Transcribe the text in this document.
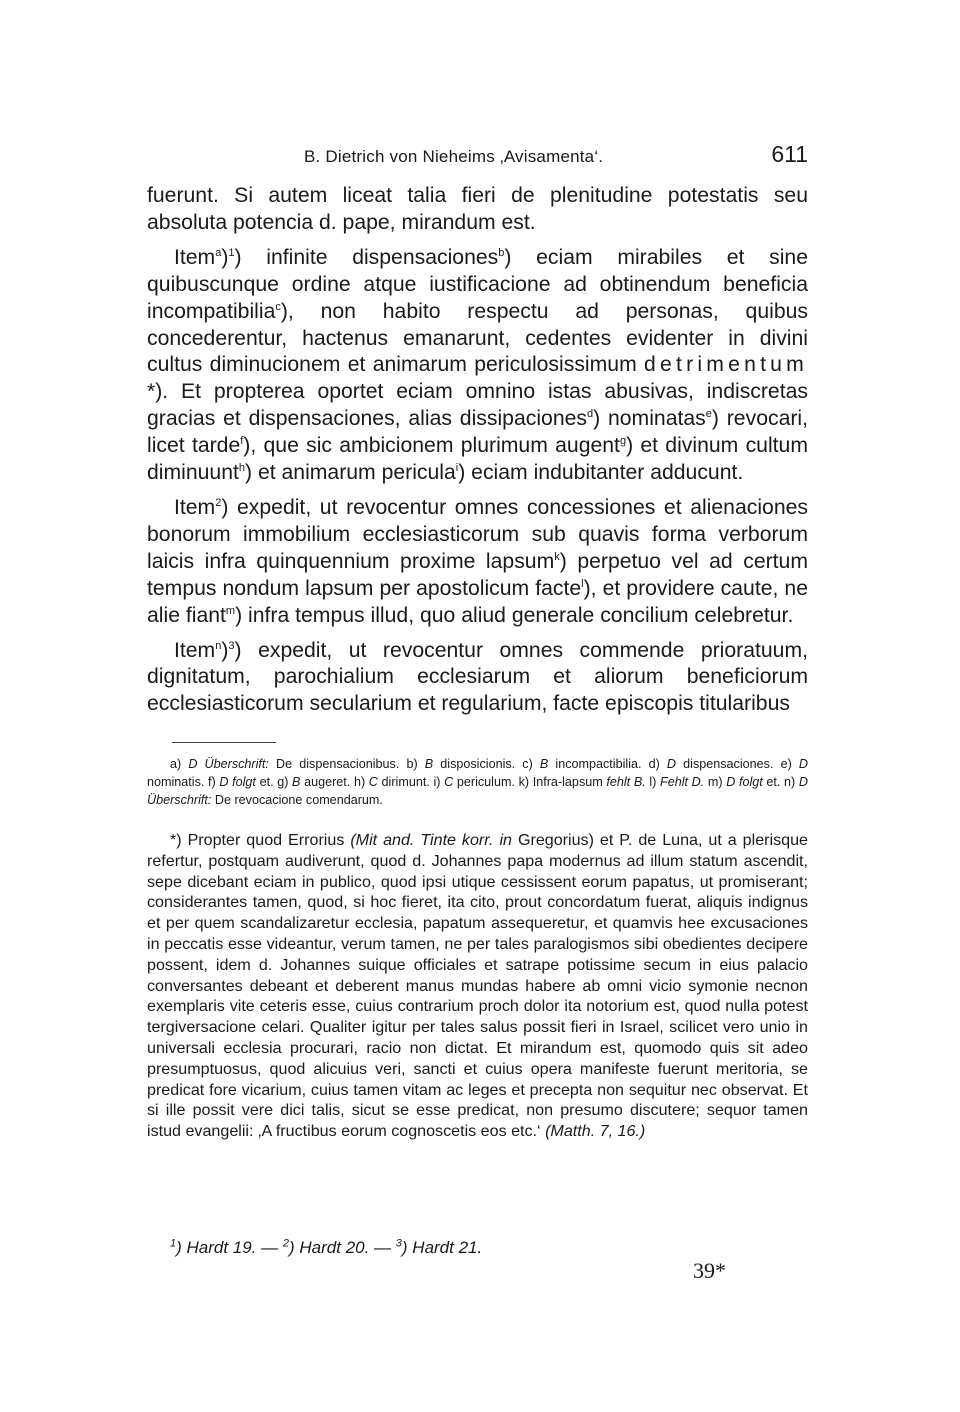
B. Dietrich von Nieheims ‚Avisamenta‘.	611

fuerunt. Si autem liceat talia fieri de plenitudine potestatis seu absoluta potencia d. pape, mirandum est.

Item$^a$)$^1$) infinite dispensaciones$^b$) eciam mirabiles et sine quibuscunque ordine atque iustificacione ad obtinendum beneficia incompatibilia$^c$), non habito respectu ad personas, quibus concederentur, hactenus emanarunt, cedentes evidenter in divini cultus diminucionem et animarum periculosissimum detrimentum *). Et propterea oportet eciam omnino istas abusivas, indiscretas gracias et dispensaciones, alias dissipaciones$^d$) nominatas$^e$) revocari, licet tarde$^f$), que sic ambicionem plurimum augent$^g$) et divinum cultum diminuunt$^h$) et animarum pericula$^i$) eciam indubitanter adducunt.

Item$^2$) expedit, ut revocentur omnes concessiones et alienaciones bonorum immobilium ecclesiasticorum sub quavis forma verborum laicis infra quinquennium proxime lapsum$^k$) perpetuo vel ad certum tempus nondum lapsum per apostolicum facte$^l$), et providere caute, ne alie fiant$^m$) infra tempus illud, quo aliud generale concilium celebretur.

Item$^n$)$^3$) expedit, ut revocentur omnes commende prioratuum, dignitatum, parochialium ecclesiarum et aliorum beneficiorum ecclesiasticorum secularium et regularium, facte episcopis titularibus

a) D Überschrift: De dispensacionibus. b) B disposicionis. c) B incompactibilia. d) D dispensaciones. e) D nominatis. f) D folgt et. g) B augeret. h) C dirimunt. i) C periculum. k) Infra-lapsum fehlt B. l) Fehlt D. m) D folgt et. n) D Überschrift: De revocacione comendarum.

*) Propter quod Errorius (Mit and. Tinte korr. in Gregorius) et P. de Luna, ut a plerisque refertur, postquam audiverunt, quod d. Johannes papa modernus ad illum statum ascendit, sepe dicebant eciam in publico, quod ipsi utique cessissent eorum papatus, ut promiserant; considerantes tamen, quod, si hoc fieret, ita cito, prout concordatum fuerat, aliquis indignus et per quem scandalizaretur ecclesia, papatum assequeretur, et quamvis hee excusaciones in peccatis esse videantur, verum tamen, ne per tales paralogismos sibi obedientes decipere possent, idem d. Johannes suique officiales et satrape potissime secum in eius palacio conversantes debeant et deberent manus mundas habere ab omni vicio symonie necnon exemplaris vite ceteris esse, cuius contrarium proch dolor ita notorium est, quod nulla potest tergiversacione celari. Qualiter igitur per tales salus possit fieri in Israel, scilicet vero unio in universali ecclesia procurari, racio non dictat. Et mirandum est, quomodo quis sit adeo presumptuosus, quod alicuius veri, sancti et cuius opera manifeste fuerunt meritoria, se predicat fore vicarium, cuius tamen vitam ac leges et precepta non sequitur nec observat. Et si ille possit vere dici talis, sicut se esse predicat, non presumo discutere; sequor tamen istud evangelii: ‚A fructibus eorum cognoscetis eos etc.‘ (Matth. 7, 16.)

$^1$) Hardt 19. — $^2$) Hardt 20. — $^3$) Hardt 21.
39*
